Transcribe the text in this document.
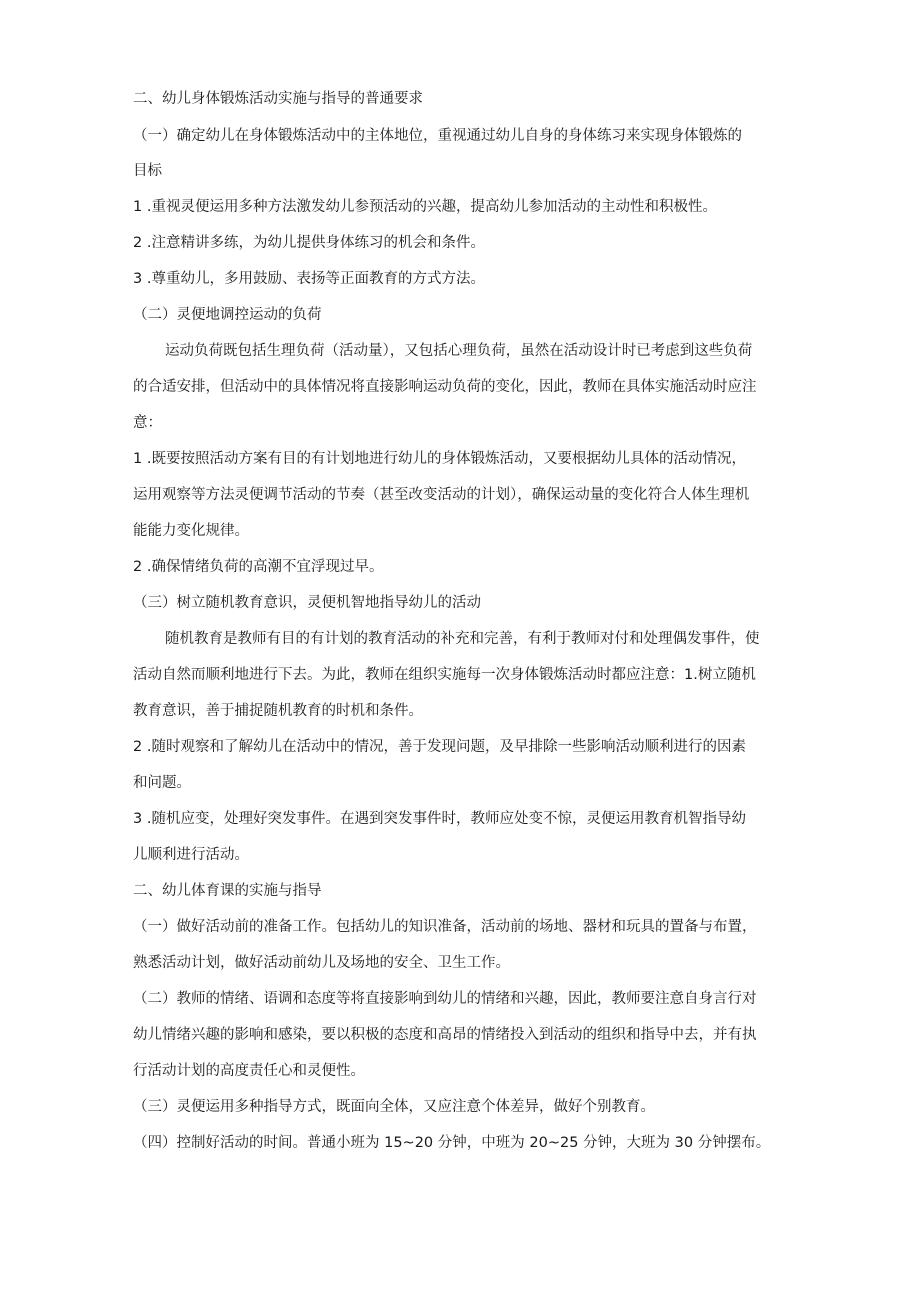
二、幼儿身体锻炼活动实施与指导的普通要求
（一）确定幼儿在身体锻炼活动中的主体地位，重视通过幼儿自身的身体练习来实现身体锻炼的
目标
1 .重视灵便运用多种方法激发幼儿参预活动的兴趣，提高幼儿参加活动的主动性和积极性。
2 .注意精讲多练，为幼儿提供身体练习的机会和条件。
3 .尊重幼儿，多用鼓励、表扬等正面教育的方式方法。
（二）灵便地调控运动的负荷
运动负荷既包括生理负荷（活动量），又包括心理负荷，虽然在活动设计时已考虑到这些负荷
的合适安排，但活动中的具体情况将直接影响运动负荷的变化，因此，教师在具体实施活动时应注
意：
1 .既要按照活动方案有目的有计划地进行幼儿的身体锻炼活动，又要根据幼儿具体的活动情况，
运用观察等方法灵便调节活动的节奏（甚至改变活动的计划），确保运动量的变化符合人体生理机
能能力变化规律。
2 .确保情绪负荷的高潮不宜浮现过早。
（三）树立随机教育意识，灵便机智地指导幼儿的活动
随机教育是教师有目的有计划的教育活动的补充和完善，有利于教师对付和处理偶发事件，使
活动自然而顺利地进行下去。为此，教师在组织实施每一次身体锻炼活动时都应注意：1.树立随机
教育意识，善于捕捉随机教育的时机和条件。
2 .随时观察和了解幼儿在活动中的情况，善于发现问题，及早排除一些影响活动顺利进行的因素
和问题。
3 .随机应变，处理好突发事件。在遇到突发事件时，教师应处变不惊，灵便运用教育机智指导幼
儿顺利进行活动。
二、幼儿体育课的实施与指导
（一）做好活动前的准备工作。包括幼儿的知识准备，活动前的场地、器材和玩具的置备与布置，
熟悉活动计划，做好活动前幼儿及场地的安全、卫生工作。
（二）教师的情绪、语调和态度等将直接影响到幼儿的情绪和兴趣，因此，教师要注意自身言行对
幼儿情绪兴趣的影响和感染，要以积极的态度和高昂的情绪投入到活动的组织和指导中去，并有执
行活动计划的高度责任心和灵便性。
（三）灵便运用多种指导方式，既面向全体，又应注意个体差异，做好个别教育。
（四）控制好活动的时间。普通小班为 15~20 分钟，中班为 20~25 分钟，大班为 30 分钟摆布。
